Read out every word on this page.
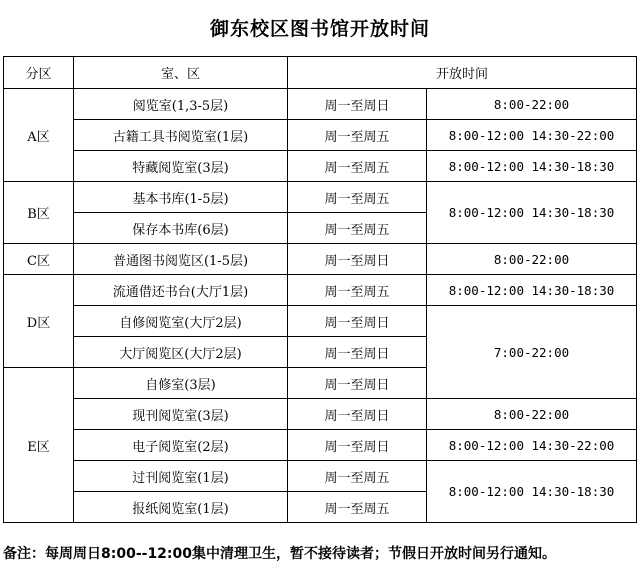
御东校区图书馆开放时间
分区	室、区	开放时间	
A区	阅览室(1,3-5层)	周一至周日	8:00-22:00
	古籍工具书阅览室(1层)	周一至周五	8:00-12:00 14:30-22:00
	特藏阅览室(3层)	周一至周五	8:00-12:00 14:30-18:30
B区	基本书库(1-5层)	周一至周五	8:00-12:00 14:30-18:30
	保存本书库(6层)	周一至周五	
C区	普通图书阅览区(1-5层)	周一至周日	8:00-22:00
D区	流通借还书台(大厅1层)	周一至周五	8:00-12:00 14:30-18:30
	自修阅览室(大厅2层)	周一至周日	7:00-22:00
	大厅阅览区(大厅2层)	周一至周日	
E区	自修室(3层)	周一至周日	
	现刊阅览室(3层)	周一至周日	8:00-22:00
	电子阅览室(2层)	周一至周日	8:00-12:00 14:30-22:00
	过刊阅览室(1层)	周一至周五	8:00-12:00 14:30-18:30
	报纸阅览室(1层)	周一至周五	
备注：每周周日8:00--12:00集中清理卫生，暂不接待读者；节假日开放时间另行通知。
